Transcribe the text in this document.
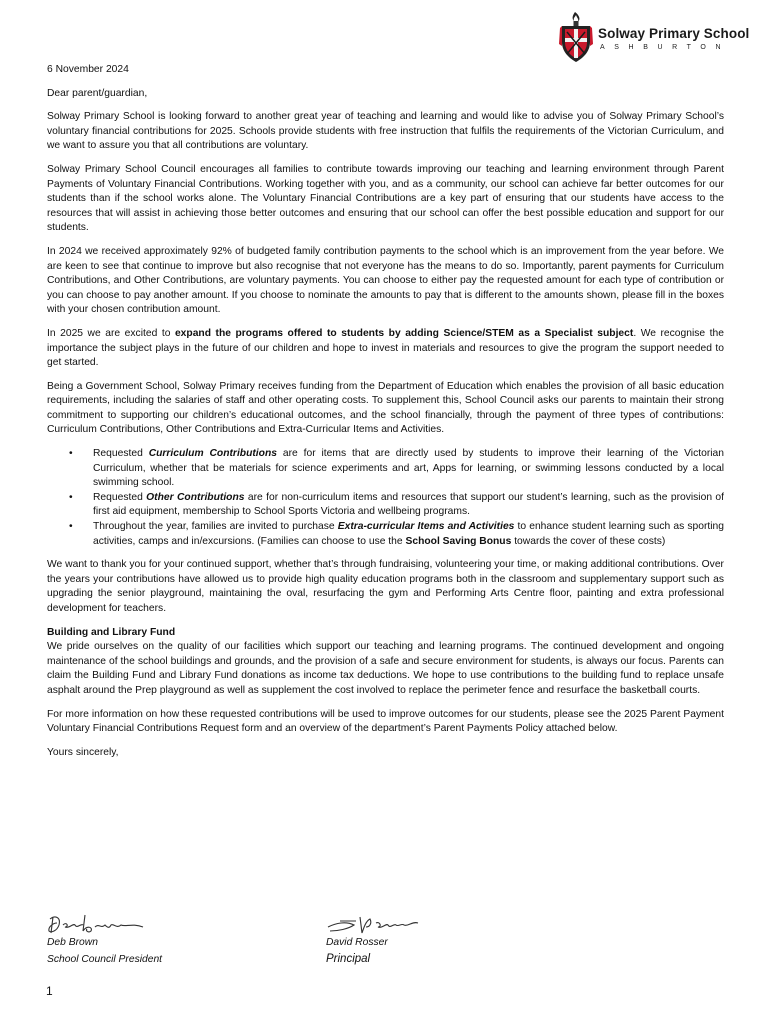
Solway Primary School
ASHBURTON

6 November 2024

Dear parent/guardian,

Solway Primary School is looking forward to another great year of teaching and learning and would like to advise you of Solway Primary School’s voluntary financial contributions for 2025. Schools provide students with free instruction that fulfils the requirements of the Victorian Curriculum, and we want to assure you that all contributions are voluntary.

Solway Primary School Council encourages all families to contribute towards improving our teaching and learning environment through Parent Payments of Voluntary Financial Contributions. Working together with you, and as a community, our school can achieve far better outcomes for our students than if the school works alone. The Voluntary Financial Contributions are a key part of ensuring that our students have access to the resources that will assist in achieving those better outcomes and ensuring that our school can offer the best possible education and support for our students.

In 2024 we received approximately 92% of budgeted family contribution payments to the school which is an improvement from the year before. We are keen to see that continue to improve but also recognise that not everyone has the means to do so. Importantly, parent payments for Curriculum Contributions, and Other Contributions, are voluntary payments. You can choose to either pay the requested amount for each type of contribution or you can choose to pay another amount. If you choose to nominate the amounts to pay that is different to the amounts shown, please fill in the boxes with your chosen contribution amount.

In 2025 we are excited to expand the programs offered to students by adding Science/STEM as a Specialist subject. We recognise the importance the subject plays in the future of our children and hope to invest in materials and resources to give the program the support needed to get started.

Being a Government School, Solway Primary receives funding from the Department of Education which enables the provision of all basic education requirements, including the salaries of staff and other operating costs. To supplement this, School Council asks our parents to maintain their strong commitment to supporting our children’s educational outcomes, and the school financially, through the payment of three types of contributions: Curriculum Contributions, Other Contributions and Extra-Curricular Items and Activities.

• Requested Curriculum Contributions are for items that are directly used by students to improve their learning of the Victorian Curriculum, whether that be materials for science experiments and art, Apps for learning, or swimming lessons conducted by a local swimming school.
• Requested Other Contributions are for non-curriculum items and resources that support our student’s learning, such as the provision of first aid equipment, membership to School Sports Victoria and wellbeing programs.
• Throughout the year, families are invited to purchase Extra-curricular Items and Activities to enhance student learning such as sporting activities, camps and in/excursions. (Families can choose to use the School Saving Bonus towards the cover of these costs)

We want to thank you for your continued support, whether that’s through fundraising, volunteering your time, or making additional contributions. Over the years your contributions have allowed us to provide high quality education programs both in the classroom and supplementary support such as upgrading the senior playground, maintaining the oval, resurfacing the gym and Performing Arts Centre floor, painting and extra professional development for teachers.

Building and Library Fund

We pride ourselves on the quality of our facilities which support our teaching and learning programs. The continued development and ongoing maintenance of the school buildings and grounds, and the provision of a safe and secure environment for students, is always our focus. Parents can claim the Building Fund and Library Fund donations as income tax deductions. We hope to use contributions to the building fund to replace unsafe asphalt around the Prep playground as well as supplement the cost involved to replace the perimeter fence and resurface the basketball courts.

For more information on how these requested contributions will be used to improve outcomes for our students, please see the 2025 Parent Payment Voluntary Financial Contributions Request form and an overview of the department’s Parent Payments Policy attached below.

Yours sincerely,

Deb Brown
School Council President
David Rosser
Principal
1
